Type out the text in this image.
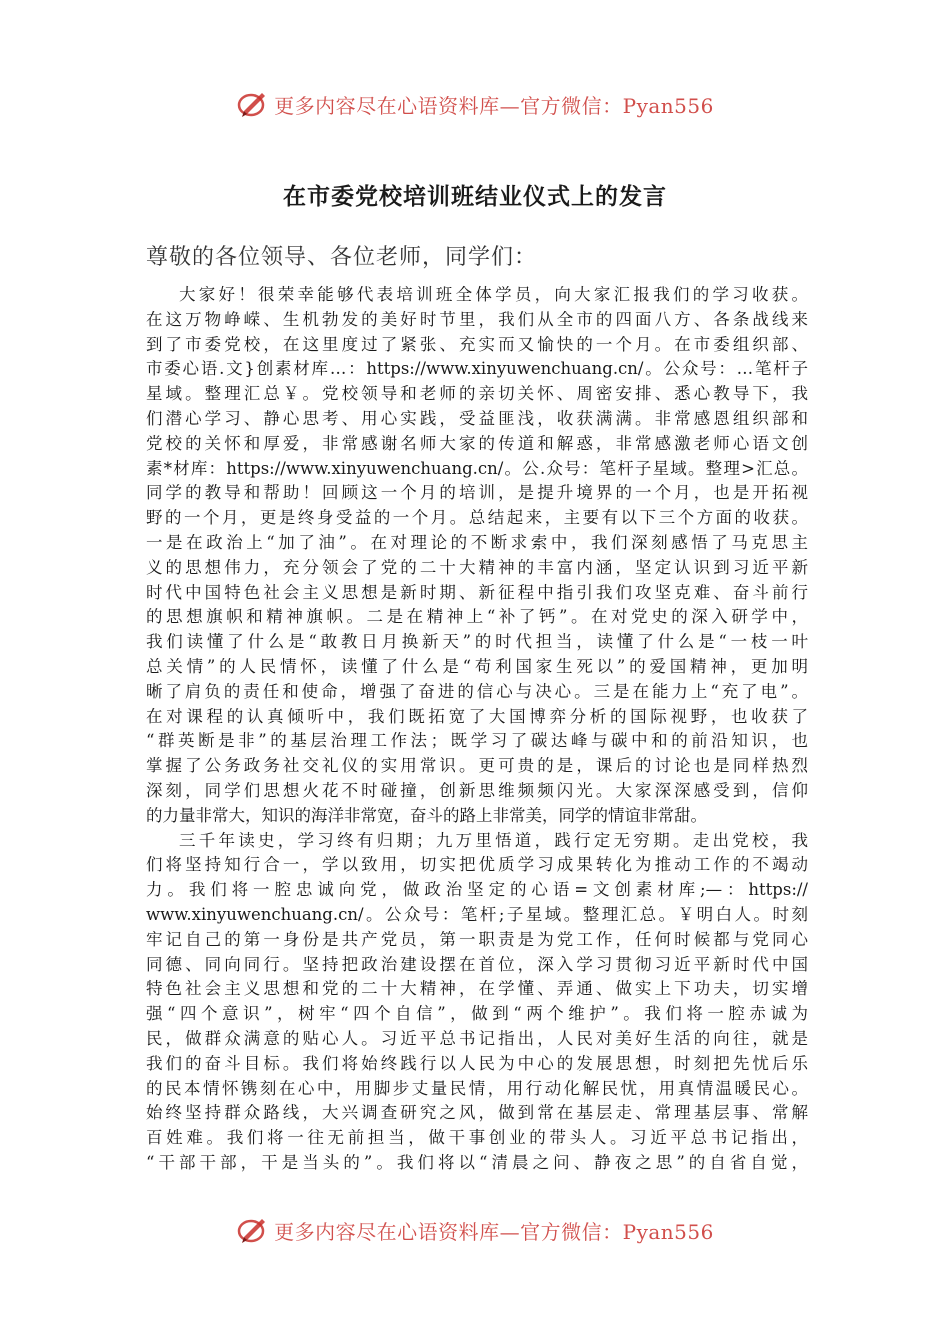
更多内容尽在心语资料库—官方微信：Pyan556
在市委党校培训班结业仪式上的发言
尊敬的各位领导、各位老师，同学们：
大家好！很荣幸能够代表培训班全体学员，向大家汇报我们的学习收获。
在这万物峥嵘、生机勃发的美好时节里，我们从全市的四面八方、各条战线来
到了市委党校，在这里度过了紧张、充实而又愉快的一个月。在市委组织部、
市委心语.文}创素材库…：https://www.xinyuwenchuang.cn/。公众号：…笔杆子
星域。整理汇总￥。党校领导和老师的亲切关怀、周密安排、悉心教导下，我
们潜心学习、静心思考、用心实践，受益匪浅，收获满满。非常感恩组织部和
党校的关怀和厚爱，非常感谢名师大家的传道和解惑，非常感激老师心语文创
素*材库：https://www.xinyuwenchuang.cn/。公.众号：笔杆子星域。整理>汇总。
同学的教导和帮助！回顾这一个月的培训，是提升境界的一个月，也是开拓视
野的一个月，更是终身受益的一个月。总结起来，主要有以下三个方面的收获。
一是在政治上“加了油”。在对理论的不断求索中，我们深刻感悟了马克思主
义的思想伟力，充分领会了党的二十大精神的丰富内涵，坚定认识到习近平新
时代中国特色社会主义思想是新时期、新征程中指引我们攻坚克难、奋斗前行
的思想旗帜和精神旗帜。二是在精神上“补了钙”。在对党史的深入研学中，
我们读懂了什么是“敢教日月换新天”的时代担当，读懂了什么是“一枝一叶
总关情”的人民情怀，读懂了什么是“苟利国家生死以”的爱国精神，更加明
晰了肩负的责任和使命，增强了奋进的信心与决心。三是在能力上“充了电”。
在对课程的认真倾听中，我们既拓宽了大国博弈分析的国际视野，也收获了
“群英断是非”的基层治理工作法；既学习了碳达峰与碳中和的前沿知识，也
掌握了公务政务社交礼仪的实用常识。更可贵的是，课后的讨论也是同样热烈
深刻，同学们思想火花不时碰撞，创新思维频频闪光。大家深深感受到，信仰
的力量非常大，知识的海洋非常宽，奋斗的路上非常美，同学的情谊非常甜。
三千年读史，学习终有归期；九万里悟道，践行定无穷期。走出党校，我
们将坚持知行合一，学以致用，切实把优质学习成果转化为推动工作的不竭动
力。我们将一腔忠诚向党，做政治坚定的心语=文创素材库;—：https://
www.xinyuwenchuang.cn/。公众号：笔杆;子星域。整理汇总。￥明白人。时刻
牢记自己的第一身份是共产党员，第一职责是为党工作，任何时候都与党同心
同德、同向同行。坚持把政治建设摆在首位，深入学习贯彻习近平新时代中国
特色社会主义思想和党的二十大精神，在学懂、弄通、做实上下功夫，切实增
强“四个意识”，树牢“四个自信”，做到“两个维护”。我们将一腔赤诚为
民，做群众满意的贴心人。习近平总书记指出，人民对美好生活的向往，就是
我们的奋斗目标。我们将始终践行以人民为中心的发展思想，时刻把先忧后乐
的民本情怀镌刻在心中，用脚步丈量民情，用行动化解民忧，用真情温暖民心。
始终坚持群众路线，大兴调查研究之风，做到常在基层走、常理基层事、常解
百姓难。我们将一往无前担当，做干事创业的带头人。习近平总书记指出，
“干部干部，干是当头的”。我们将以“清晨之问、静夜之思”的自省自觉，
更多内容尽在心语资料库—官方微信：Pyan556
